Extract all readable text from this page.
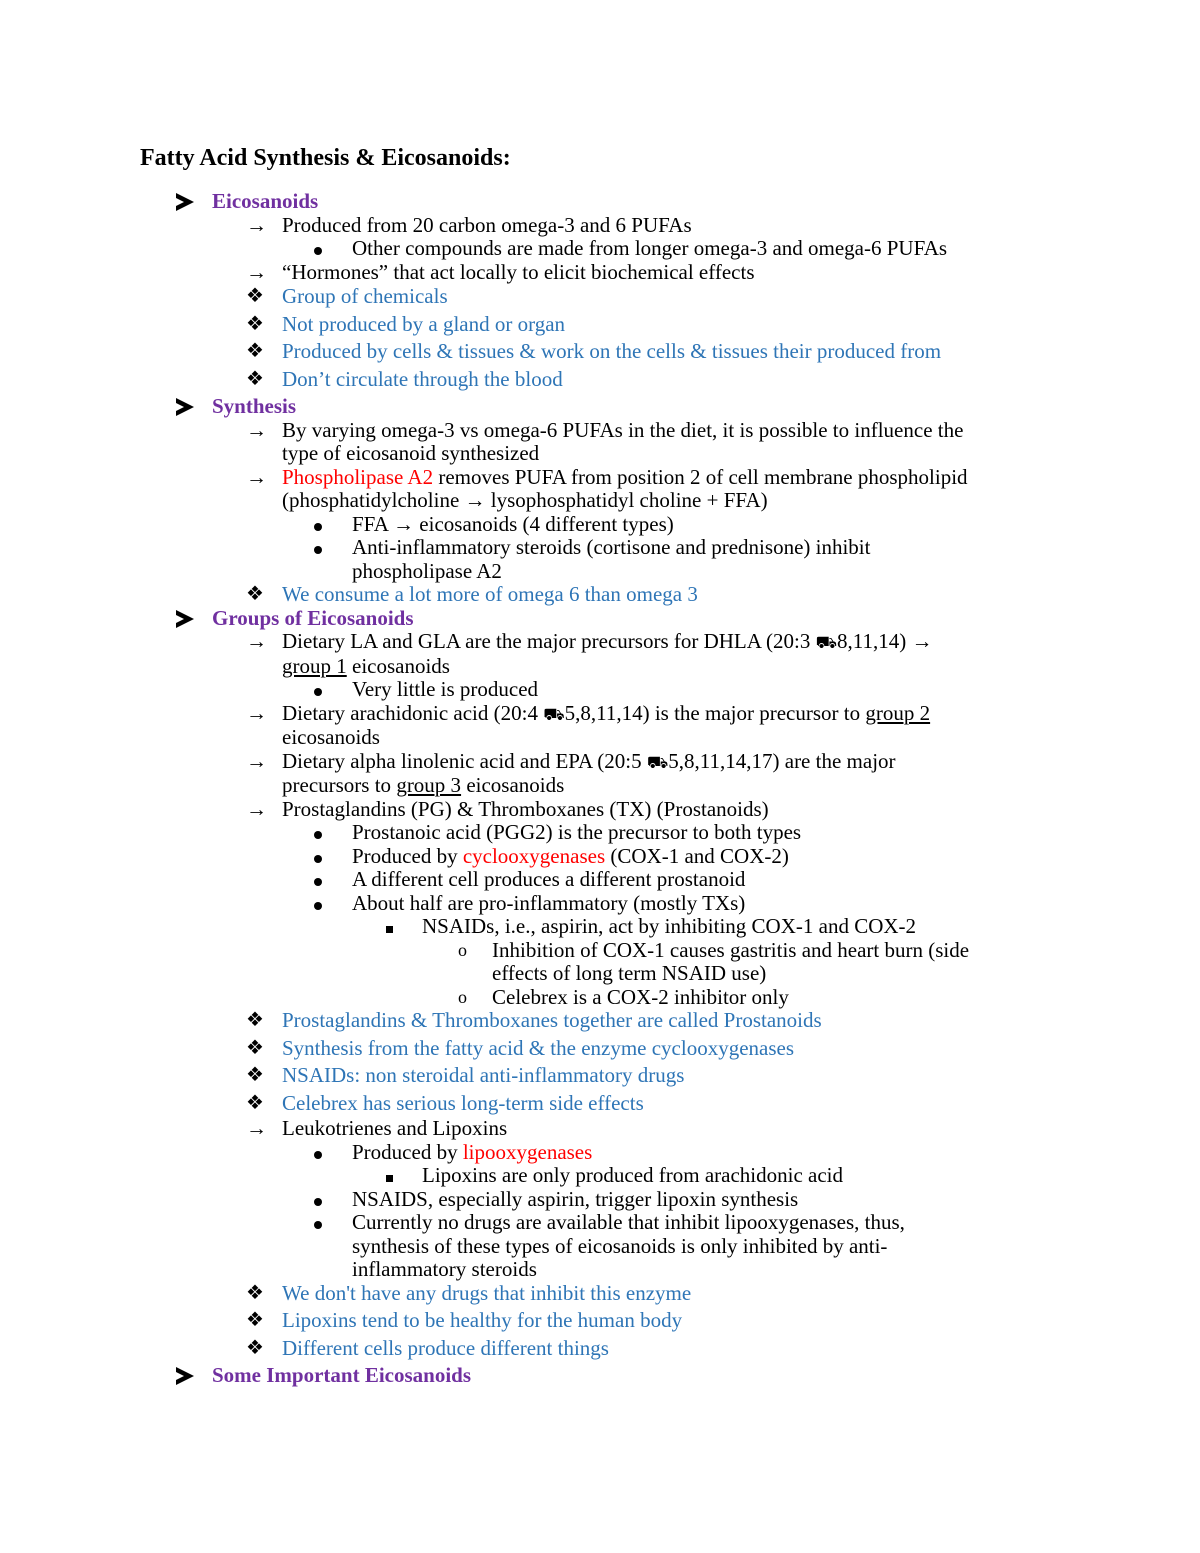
Fatty Acid Synthesis & Eicosanoids:
Eicosanoids
→ Produced from 20 carbon omega-3 and 6 PUFAs
Other compounds are made from longer omega-3 and omega-6 PUFAs
→ “Hormones” that act locally to elicit biochemical effects
❖ Group of chemicals
❖ Not produced by a gland or organ
❖ Produced by cells & tissues & work on the cells & tissues their produced from
❖ Don’t circulate through the blood
Synthesis
→ By varying omega-3 vs omega-6 PUFAs in the diet, it is possible to influence the
type of eicosanoid synthesized
→ Phospholipase A2 removes PUFA from position 2 of cell membrane phospholipid
(phosphatidylcholine → lysophosphatidyl choline + FFA)
FFA → eicosanoids (4 different types)
Anti-inflammatory steroids (cortisone and prednisone) inhibit
phospholipase A2
❖ We consume a lot more of omega 6 than omega 3
Groups of Eicosanoids
→ Dietary LA and GLA are the major precursors for DHLA (20:3 ⛟8,11,14) →
group 1 eicosanoids
Very little is produced
→ Dietary arachidonic acid (20:4 ⛟5,8,11,14) is the major precursor to group 2
eicosanoids
→ Dietary alpha linolenic acid and EPA (20:5 ⛟5,8,11,14,17) are the major
precursors to group 3 eicosanoids
→ Prostaglandins (PG) & Thromboxanes (TX) (Prostanoids)
Prostanoic acid (PGG2) is the precursor to both types
Produced by cyclooxygenases (COX-1 and COX-2)
A different cell produces a different prostanoid
About half are pro-inflammatory (mostly TXs)
NSAIDs, i.e., aspirin, act by inhibiting COX-1 and COX-2
o Inhibition of COX-1 causes gastritis and heart burn (side
effects of long term NSAID use)
o Celebrex is a COX-2 inhibitor only
❖ Prostaglandins & Thromboxanes together are called Prostanoids
❖ Synthesis from the fatty acid & the enzyme cyclooxygenases
❖ NSAIDs: non steroidal anti-inflammatory drugs
❖ Celebrex has serious long-term side effects
→ Leukotrienes and Lipoxins
Produced by lipooxygenases
Lipoxins are only produced from arachidonic acid
NSAIDS, especially aspirin, trigger lipoxin synthesis
Currently no drugs are available that inhibit lipooxygenases, thus,
synthesis of these types of eicosanoids is only inhibited by anti-
inflammatory steroids
❖ We don't have any drugs that inhibit this enzyme
❖ Lipoxins tend to be healthy for the human body
❖ Different cells produce different things
Some Important Eicosanoids
